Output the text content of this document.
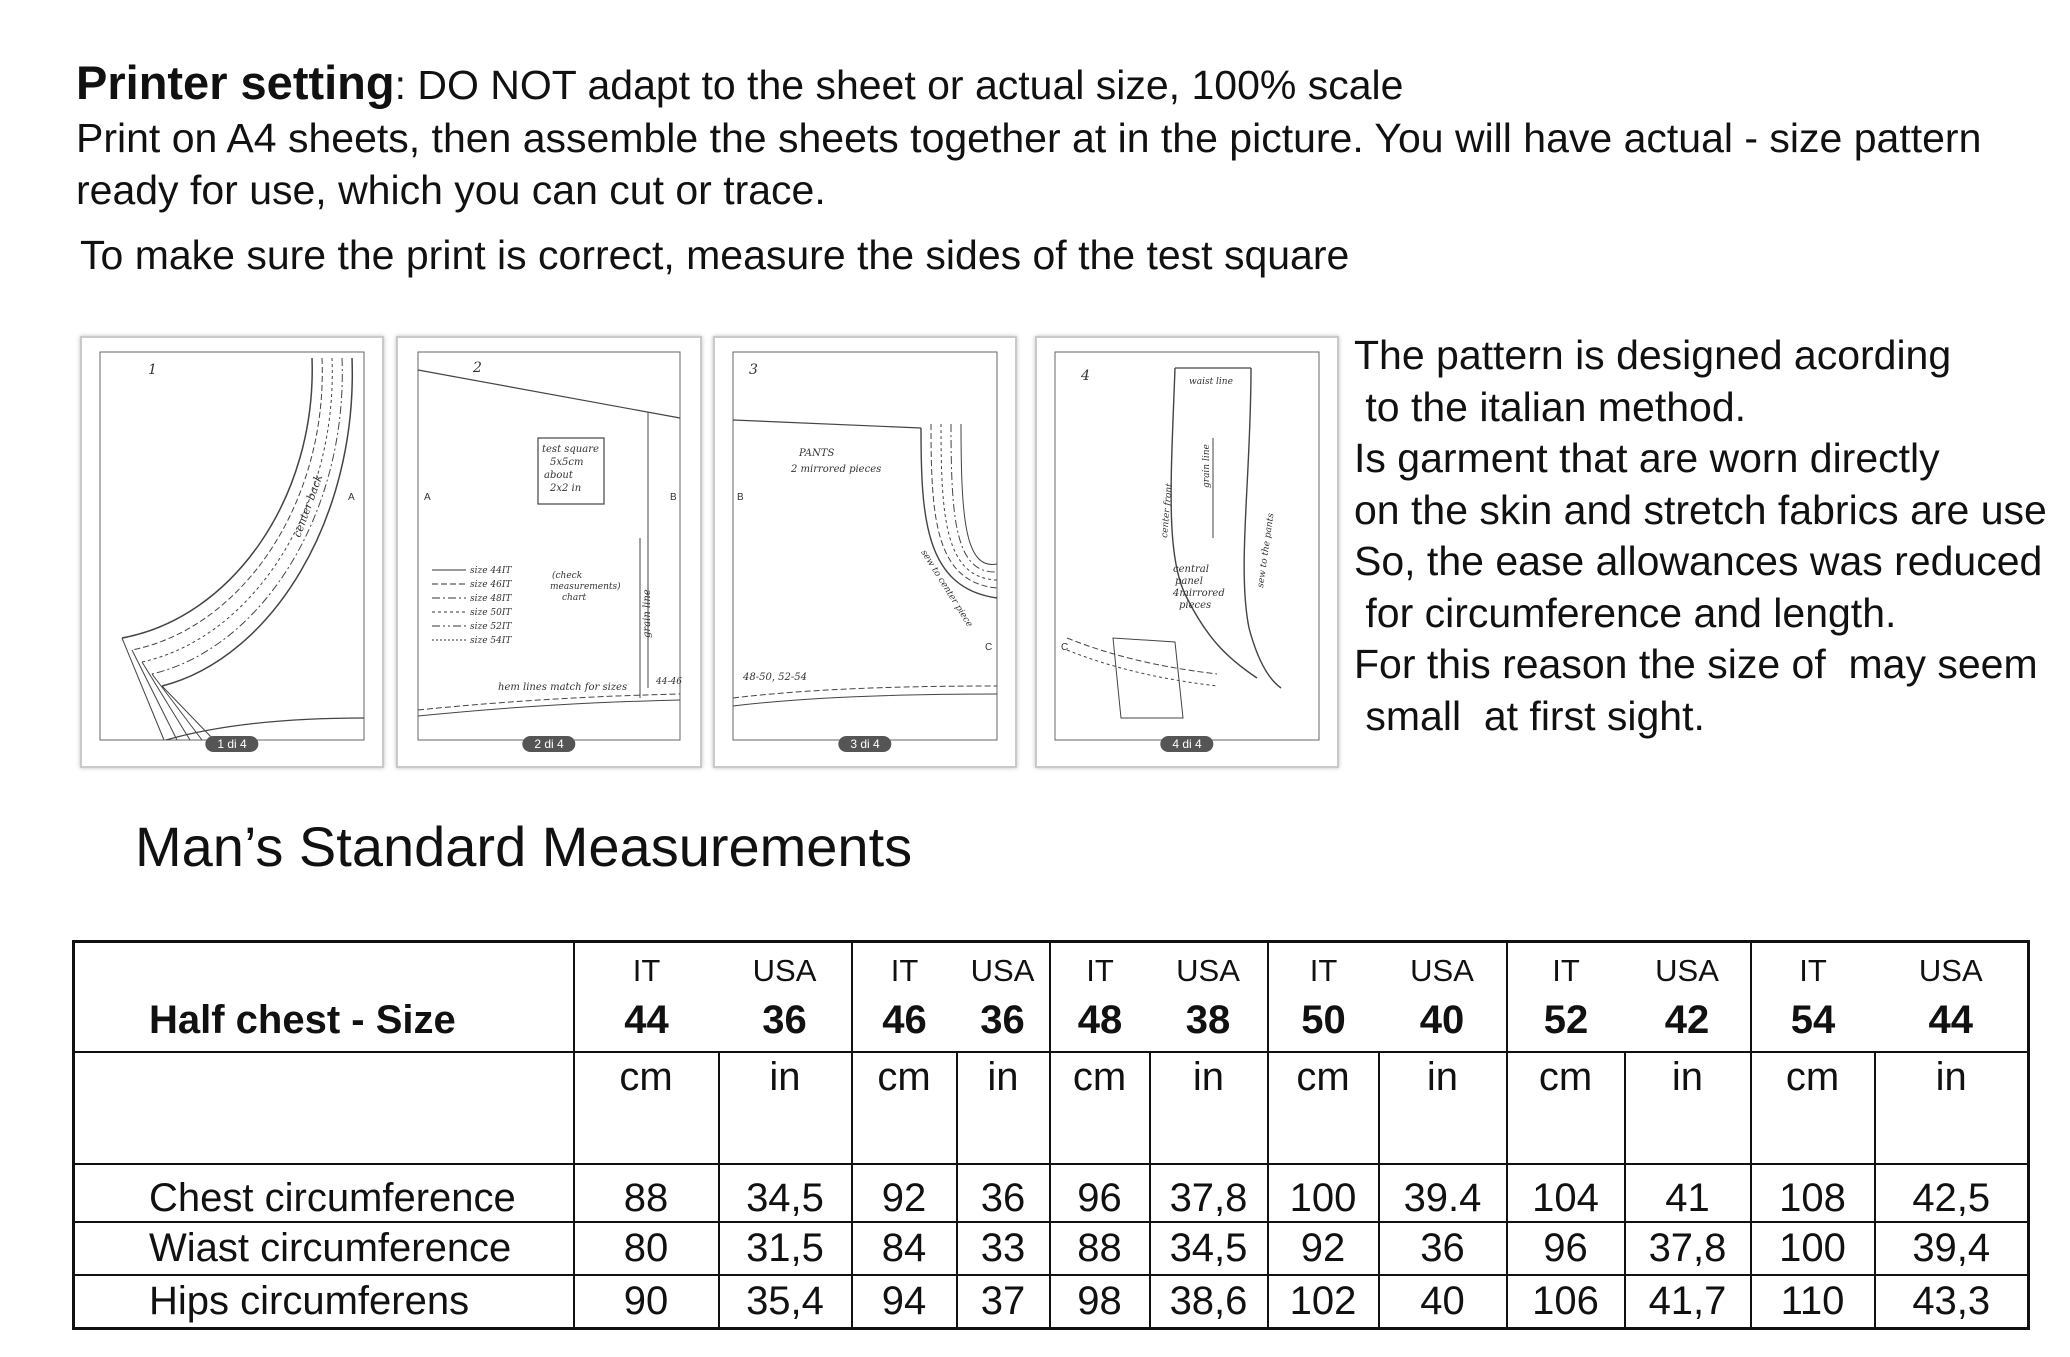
Printer setting: DO NOT adapt to the sheet or actual size, 100% scale
Print on A4 sheets, then assemble the sheets together at in the picture. You will have actual - size pattern
ready for use, which you can cut or trace.
To make sure the print is correct, measure the sides of the test square
1
center back A
1 di 4
2
test square
5x5cm
about
2x2 in
size 44IT
size 46IT
size 48IT
size 50IT
size 52IT
size 54IT
(check
measurements)
chart	grain line
hem lines match for sizes	44-46
A	B
2 di 4
3
PANTS
2 mirrored pieces
sew to center piece
48-50, 52-54
B
C
3 di 4
4	waist line
center front
grain line
sew to the pants
central
panel
4mirrored
pieces
C
4 di 4
The pattern is designed acording
to the italian method.
Is garment that are worn directly
on the skin and stretch fabrics are use
So, the ease allowances was reduced
for circumference and length.
For this reason the size of  may seem
small  at first sight.
Man’s Standard Measurements
	IT	USA	IT	USA	IT	USA	IT	USA	IT	USA	IT	USA
Half chest - Size	44	36	46	36	48	38	50	40	52	42	54	44
	cm	in	cm	in	cm	in	cm	in	cm	in	cm	in

Chest circumference	88	34,5	92	36	96	37,8	100	39.4	104	41	108	42,5
Wiast circumference	80	31,5	84	33	88	34,5	92	36	96	37,8	100	39,4
Hips circumferens	90	35,4	94	37	98	38,6	102	40	106	41,7	110	43,3
